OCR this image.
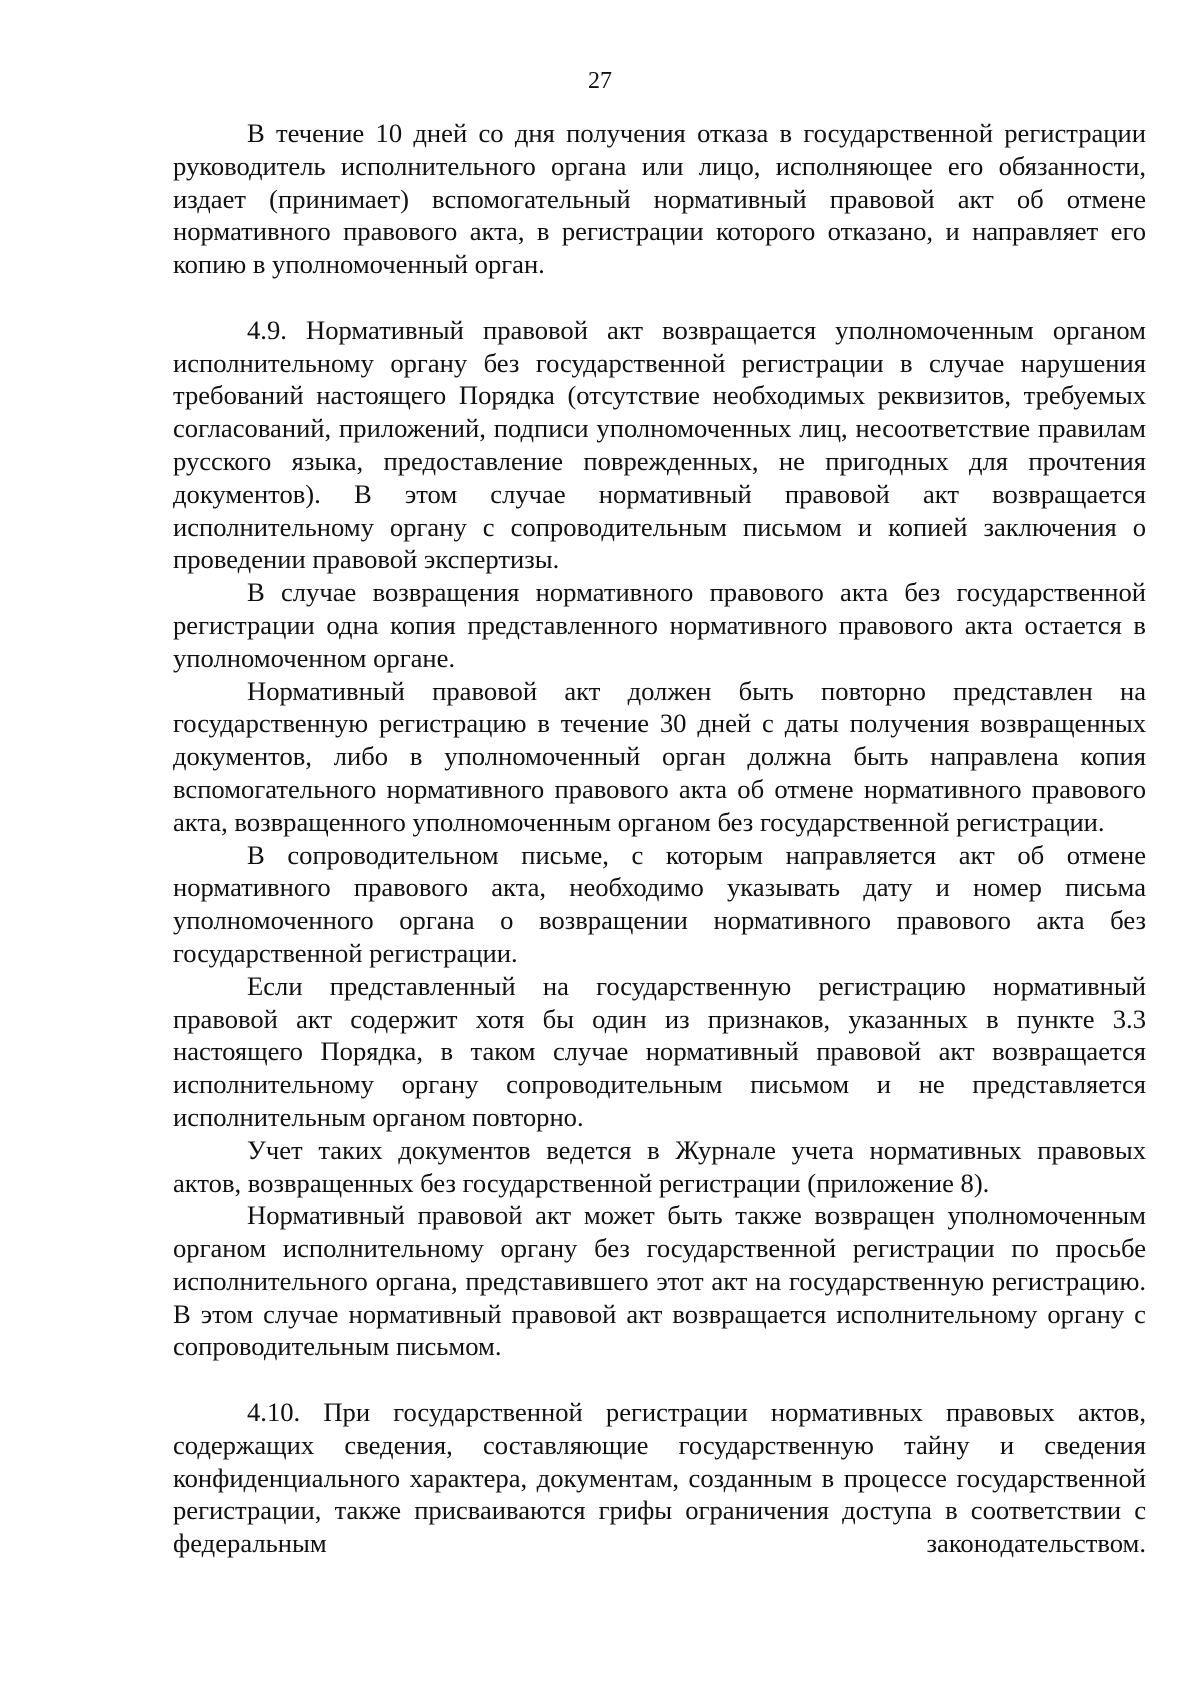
27

В течение 10 дней со дня получения отказа в государственной регистрации руководитель исполнительного органа или лицо, исполняющее его обязанности, издает (принимает) вспомогательный нормативный правовой акт об отмене нормативного правового акта, в регистрации которого отказано, и направляет его копию в уполномоченный орган.

4.9. Нормативный правовой акт возвращается уполномоченным органом исполнительному органу без государственной регистрации в случае нарушения требований настоящего Порядка (отсутствие необходимых реквизитов, требуемых согласований, приложений, подписи уполномоченных лиц, несоответствие правилам русского языка, предоставление поврежденных, не пригодных для прочтения документов). В этом случае нормативный правовой акт возвращается исполнительному органу с сопроводительным письмом и копией заключения о проведении правовой экспертизы.

В случае возвращения нормативного правового акта без государственной регистрации одна копия представленного нормативного правового акта остается в уполномоченном органе.

Нормативный правовой акт должен быть повторно представлен на государственную регистрацию в течение 30 дней с даты получения возвращенных документов, либо в уполномоченный орган должна быть направлена копия вспомогательного нормативного правового акта об отмене нормативного правового акта, возвращенного уполномоченным органом без государственной регистрации.

В сопроводительном письме, с которым направляется акт об отмене нормативного правового акта, необходимо указывать дату и номер письма уполномоченного органа о возвращении нормативного правового акта без государственной регистрации.

Если представленный на государственную регистрацию нормативный правовой акт содержит хотя бы один из признаков, указанных в пункте 3.3 настоящего Порядка, в таком случае нормативный правовой акт возвращается исполнительному органу сопроводительным письмом и не представляется исполнительным органом повторно.

Учет таких документов ведется в Журнале учета нормативных правовых актов, возвращенных без государственной регистрации (приложение 8).

Нормативный правовой акт может быть также возвращен уполномоченным органом исполнительному органу без государственной регистрации по просьбе исполнительного органа, представившего этот акт на государственную регистрацию. В этом случае нормативный правовой акт возвращается исполнительному органу с сопроводительным письмом.

4.10. При государственной регистрации нормативных правовых актов, содержащих сведения, составляющие государственную тайну и сведения конфиденциального характера, документам, созданным в процессе государственной регистрации, также присваиваются грифы ограничения доступа в соответствии с федеральным законодательством.
